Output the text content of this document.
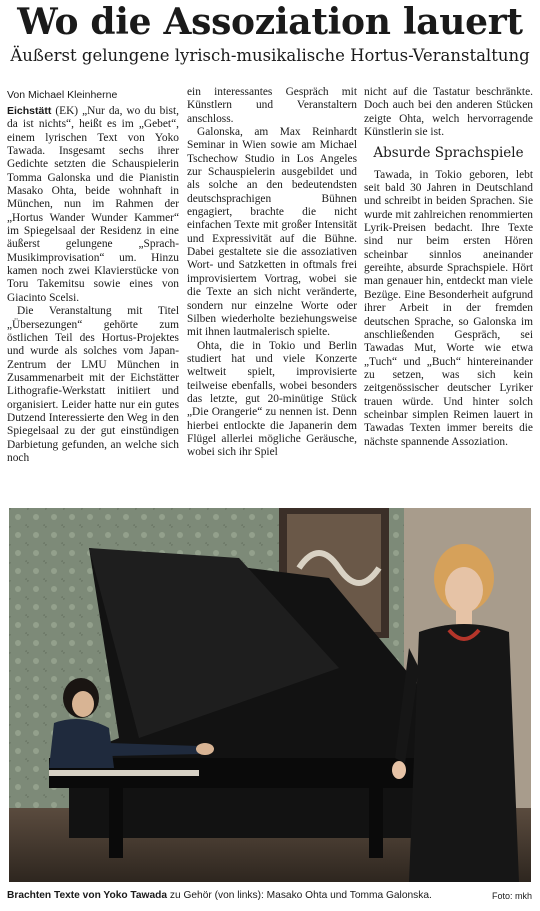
Wo die Assoziation lauert
Äußerst gelungene lyrisch-musikalische Hortus-Veranstaltung
Von Michael Kleinherne

Eichstätt (EK) „Nur da, wo du bist, da ist nichts“, heißt es im „Gebet“, einem lyrischen Text von Yoko Tawada. Insgesamt sechs ihrer Gedichte setzten die Schauspielerin Tomma Galonska und die Pianistin Masako Ohta, beide wohnhaft in München, nun im Rahmen der „Hortus Wander Wunder Kammer“ im Spiegelsaal der Residenz in eine äußerst gelungene „Sprach-Musikimprovisation“ um. Hinzu kamen noch zwei Klavierstücke von Toru Takemitsu sowie eines von Giacinto Scelsi.

Die Veranstaltung mit Titel „Übersezungen“ gehörte zum östlichen Teil des Hortus-Projektes und wurde als solches vom Japan-Zentrum der LMU München in Zusammenarbeit mit der Eichstätter Lithografie-Werkstatt initiiert und organisiert. Leider hatte nur ein gutes Dutzend Interessierte den Weg in den Spiegelsaal zu der gut einstündigen Darbietung gefunden, an welche sich noch

ein interessantes Gespräch mit Künstlern und Veranstaltern anschloss.

Galonska, am Max Reinhardt Seminar in Wien sowie am Michael Tschechow Studio in Los Angeles zur Schauspielerin ausgebildet und als solche an den bedeutendsten deutschsprachigen Bühnen engagiert, brachte die nicht einfachen Texte mit großer Intensität und Expressivität auf die Bühne. Dabei gestaltete sie die assoziativen Wort- und Satzketten in oftmals frei improvisiertem Vortrag, wobei sie die Texte an sich nicht veränderte, sondern nur einzelne Worte oder Silben wiederholte beziehungsweise mit ihnen lautmalerisch spielte.

Ohta, die in Tokio und Berlin studiert hat und viele Konzerte weltweit spielt, improvisierte teilweise ebenfalls, wobei besonders das letzte, gut 20-minütige Stück „Die Orangerie“ zu nennen ist. Denn hierbei entlockte die Japanerin dem Flügel allerlei mögliche Geräusche, wobei sich ihr Spiel

nicht auf die Tastatur beschränkte. Doch auch bei den anderen Stücken zeigte Ohta, welch hervorragende Künstlerin sie ist.

Absurde Sprachspiele

Tawada, in Tokio geboren, lebt seit bald 30 Jahren in Deutschland und schreibt in beiden Sprachen. Sie wurde mit zahlreichen renommierten Lyrik-Preisen bedacht. Ihre Texte sind nur beim ersten Hören scheinbar sinnlos aneinander gereihte, absurde Sprachspiele. Hört man genauer hin, entdeckt man viele Bezüge. Eine Besonderheit aufgrund ihrer Arbeit in der fremden deutschen Sprache, so Galonska im anschließenden Gespräch, sei Tawadas Mut, Worte wie etwa „Tuch“ und „Buch“ hintereinander zu setzen, was sich kein zeitgenössischer deutscher Lyriker trauen würde. Und hinter solch scheinbar simplen Reimen lauert in Tawadas Texten immer bereits die nächste spannende Assoziation.

Brachten Texte von Yoko Tawada zu Gehör (von links): Masako Ohta und Tomma Galonska.	Foto: mkh
